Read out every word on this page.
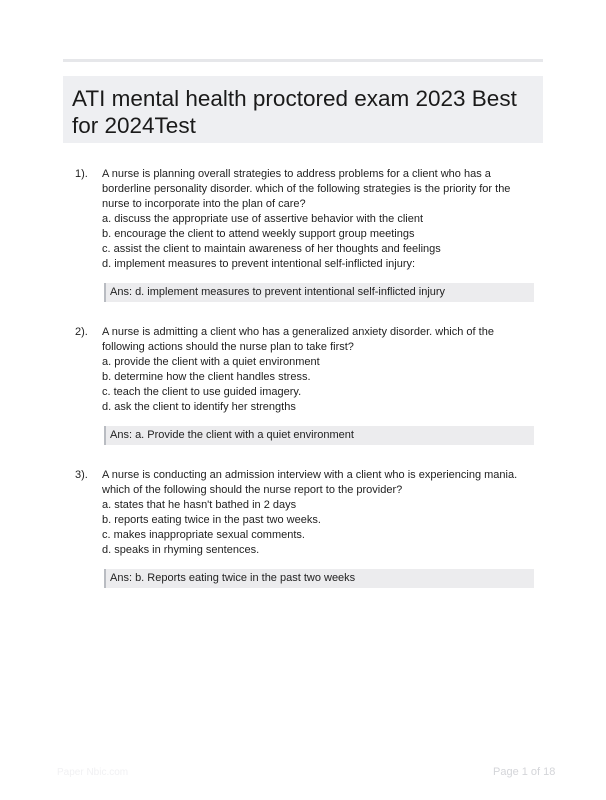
ATI mental health proctored exam 2023 Best for 2024Test
1). A nurse is planning overall strategies to address problems for a client who has a borderline personality disorder. which of the following strategies is the priority for the nurse to incorporate into the plan of care?

a. discuss the appropriate use of assertive behavior with the client
b. encourage the client to attend weekly support group meetings
c. assist the client to maintain awareness of her thoughts and feelings
d. implement measures to prevent intentional self-inflicted injury:
Ans: d. implement measures to prevent intentional self-inflicted injury
2). A nurse is admitting a client who has a generalized anxiety disorder. which of the following actions should the nurse plan to take first?

a. provide the client with a quiet environment
b. determine how the client handles stress.
c. teach the client to use guided imagery.
d. ask the client to identify her strengths
Ans: a. Provide the client with a quiet environment
3). A nurse is conducting an admission interview with a client who is experiencing mania. which of the following should the nurse report to the provider?

a. states that he hasn't bathed in 2 days
b. reports eating twice in the past two weeks.
c. makes inappropriate sexual comments.
d. speaks in rhyming sentences.
Ans: b. Reports eating twice in the past two weeks
Paper Nbic.com	Page 1 of 18
